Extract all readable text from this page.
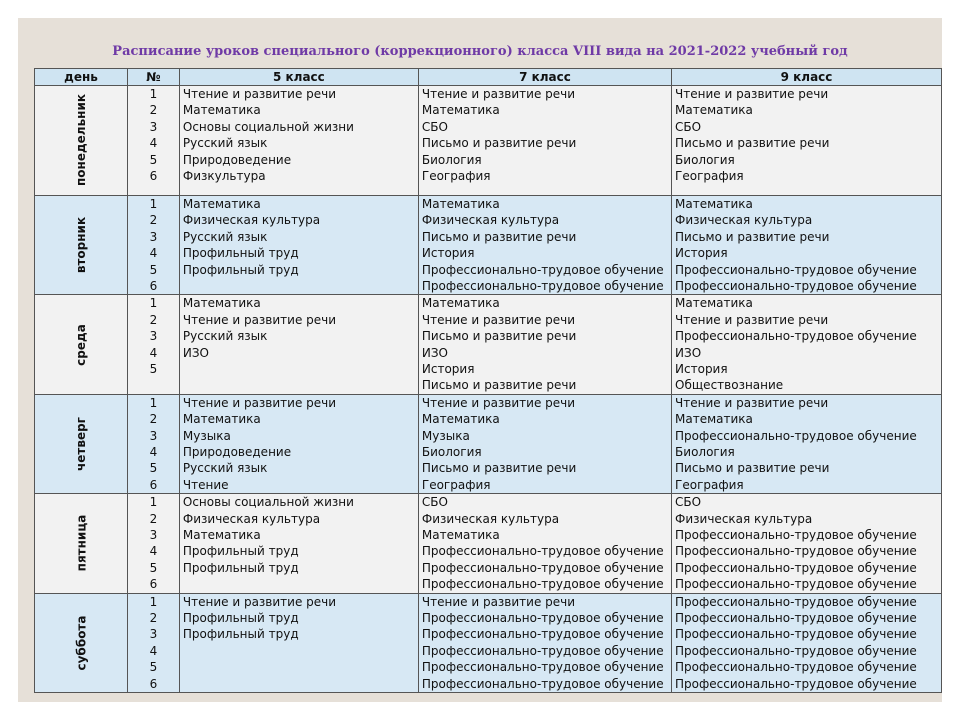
Расписание уроков специального (коррекционного) класса VIII вида на 2021-2022 учебный год
день	№	5 класс	7 класс	9 класс
понедельник	1	Чтение и развитие речи	Чтение и развитие речи	Чтение и развитие речи
	2	Математика	Математика	Математика
	3	Основы социальной жизни	СБО	СБО
	4	Русский язык	Письмо и развитие речи	Письмо и развитие речи
	5	Природоведение	Биология	Биология
	6	Физкультура	География	География

вторник	1	Математика	Математика	Математика
	2	Физическая культура	Физическая культура	Физическая культура
	3	Русский язык	Письмо и развитие речи	Письмо и развитие речи
	4	Профильный труд	История	История
	5	Профильный труд	Профессионально-трудовое обучение	Профессионально-трудовое обучение
	6		Профессионально-трудовое обучение	Профессионально-трудовое обучение
среда	1	Математика	Математика	Математика
	2	Чтение и развитие речи	Чтение и развитие речи	Чтение и развитие речи
	3	Русский язык	Письмо и развитие речи	Профессионально-трудовое обучение
	4	ИЗО	ИЗО	ИЗО
	5		История	История
			Письмо и развитие речи	Обществознание
четверг	1	Чтение и развитие речи	Чтение и развитие речи	Чтение и развитие речи
	2	Математика	Математика	Математика
	3	Музыка	Музыка	Профессионально-трудовое обучение
	4	Природоведение	Биология	Биология
	5	Русский язык	Письмо и развитие речи	Письмо и развитие речи
	6	Чтение	География	География
пятница	1	Основы социальной жизни	СБО	СБО
	2	Физическая культура	Физическая культура	Физическая культура
	3	Математика	Математика	Профессионально-трудовое обучение
	4	Профильный труд	Профессионально-трудовое обучение	Профессионально-трудовое обучение
	5	Профильный труд	Профессионально-трудовое обучение	Профессионально-трудовое обучение
	6		Профессионально-трудовое обучение	Профессионально-трудовое обучение
суббота	1	Чтение и развитие речи	Чтение и развитие речи	Профессионально-трудовое обучение
	2	Профильный труд	Профессионально-трудовое обучение	Профессионально-трудовое обучение
	3	Профильный труд	Профессионально-трудовое обучение	Профессионально-трудовое обучение
	4		Профессионально-трудовое обучение	Профессионально-трудовое обучение
	5		Профессионально-трудовое обучение	Профессионально-трудовое обучение
	6		Профессионально-трудовое обучение	Профессионально-трудовое обучение
